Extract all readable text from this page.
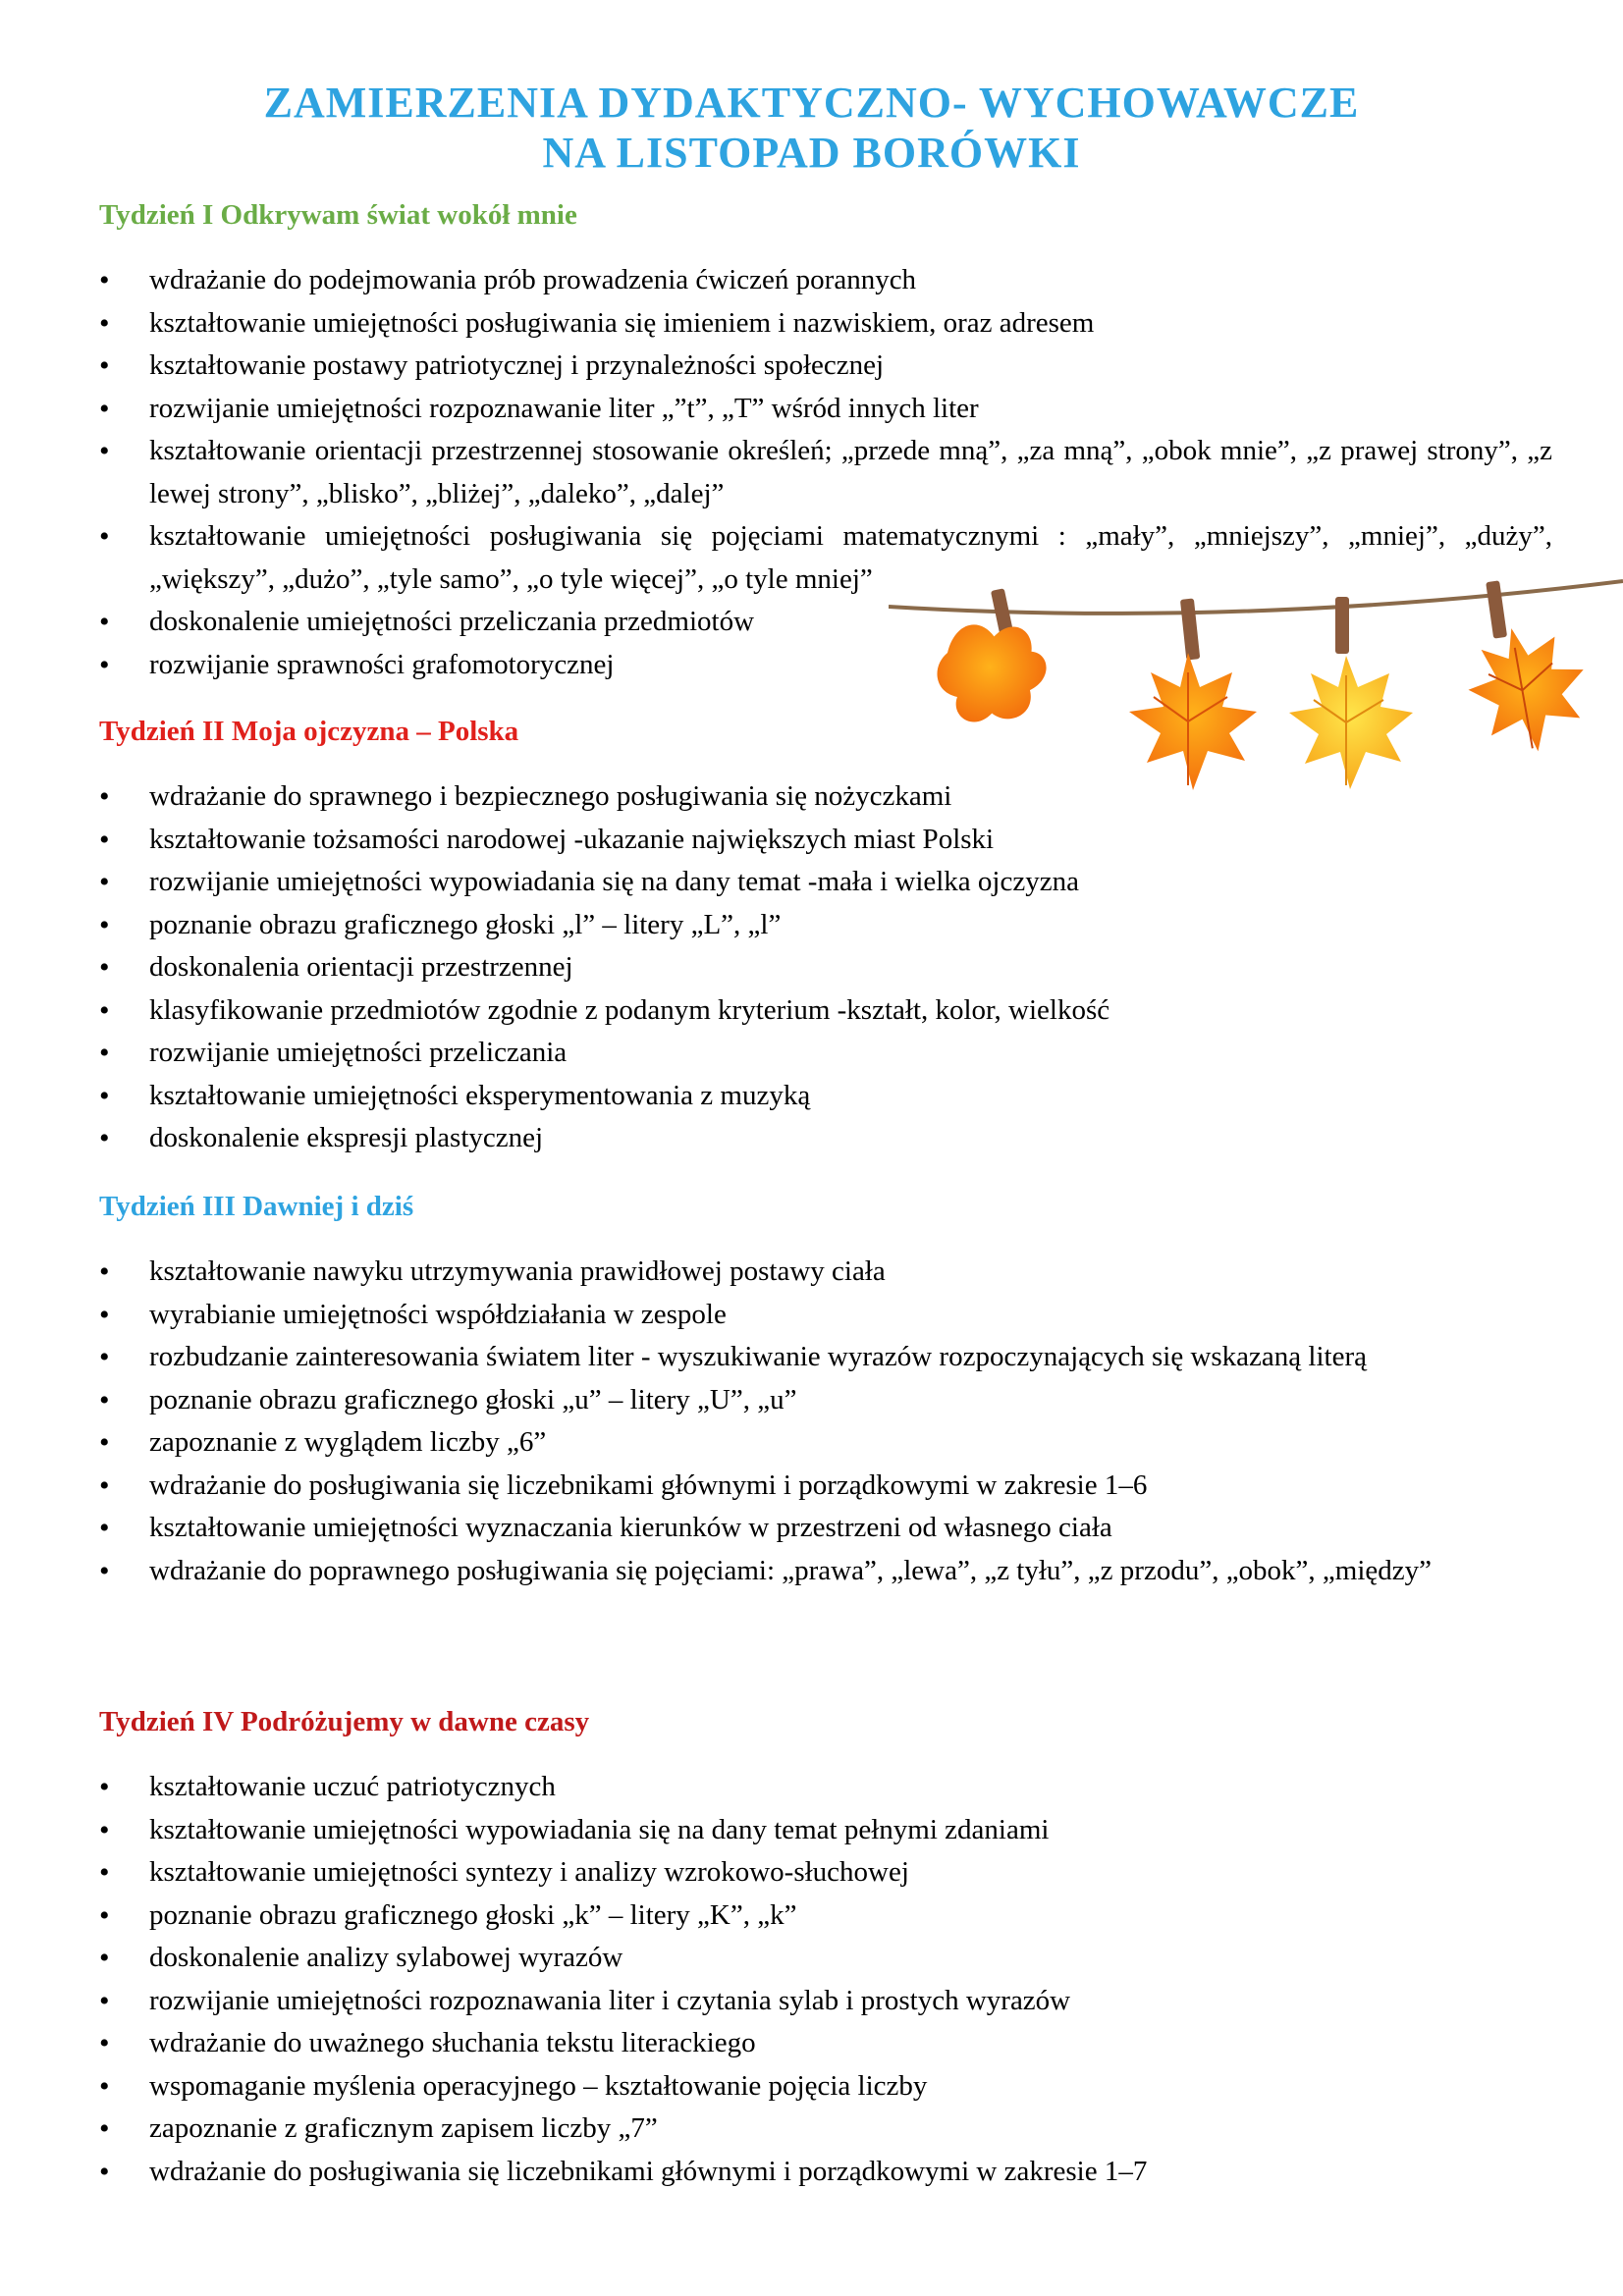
ZAMIERZENIA DYDAKTYCZNO- WYCHOWAWCZE
NA LISTOPAD BORÓWKI
Tydzień I Odkrywam świat wokół mnie
• wdrażanie do podejmowania prób prowadzenia ćwiczeń porannych
• kształtowanie umiejętności posługiwania się imieniem i nazwiskiem, oraz adresem
• kształtowanie postawy patriotycznej i przynależności społecznej
• rozwijanie umiejętności rozpoznawanie liter „”t”, „T” wśród innych liter
• kształtowanie orientacji przestrzennej stosowanie określeń; „przede mną”, „za mną”, „obok mnie”, „z prawej strony”, „z lewej strony”, „blisko”, „bliżej”, „daleko”, „dalej”
• kształtowanie umiejętności posługiwania się pojęciami matematycznymi : „mały”, „mniejszy”, „mniej”, „duży”, „większy”, „dużo”, „tyle samo”, „o tyle więcej”, „o tyle mniej”
• doskonalenie umiejętności przeliczania przedmiotów
• rozwijanie sprawności grafomotorycznej
Tydzień II Moja ojczyzna – Polska
• wdrażanie do sprawnego i bezpiecznego posługiwania się nożyczkami
• kształtowanie tożsamości narodowej -ukazanie największych miast Polski
• rozwijanie umiejętności wypowiadania się na dany temat -mała i wielka ojczyzna
• poznanie obrazu graficznego głoski „l” – litery „L”, „l”
• doskonalenia orientacji przestrzennej
• klasyfikowanie przedmiotów zgodnie z podanym kryterium -kształt, kolor, wielkość
• rozwijanie umiejętności przeliczania
• kształtowanie umiejętności eksperymentowania z muzyką
• doskonalenie ekspresji plastycznej
Tydzień III Dawniej i dziś
• kształtowanie nawyku utrzymywania prawidłowej postawy ciała
• wyrabianie umiejętności współdziałania w zespole
• rozbudzanie zainteresowania światem liter - wyszukiwanie wyrazów rozpoczynających się wskazaną literą
• poznanie obrazu graficznego głoski „u” – litery „U”, „u”
• zapoznanie z wyglądem liczby „6”
• wdrażanie do posługiwania się liczebnikami głównymi i porządkowymi w zakresie 1–6
• kształtowanie umiejętności wyznaczania kierunków w przestrzeni od własnego ciała
• wdrażanie do poprawnego posługiwania się pojęciami: „prawa”, „lewa”, „z tyłu”, „z przodu”, „obok”, „między”
Tydzień IV Podróżujemy w dawne czasy
• kształtowanie uczuć patriotycznych
• kształtowanie umiejętności wypowiadania się na dany temat pełnymi zdaniami
• kształtowanie umiejętności syntezy i analizy wzrokowo-słuchowej
• poznanie obrazu graficznego głoski „k” – litery „K”, „k”
• doskonalenie analizy sylabowej wyrazów
• rozwijanie umiejętności rozpoznawania liter i czytania sylab i prostych wyrazów
• wdrażanie do uważnego słuchania tekstu literackiego
• wspomaganie myślenia operacyjnego – kształtowanie pojęcia liczby
• zapoznanie z graficznym zapisem liczby „7”
• wdrażanie do posługiwania się liczebnikami głównymi i porządkowymi w zakresie 1–7
